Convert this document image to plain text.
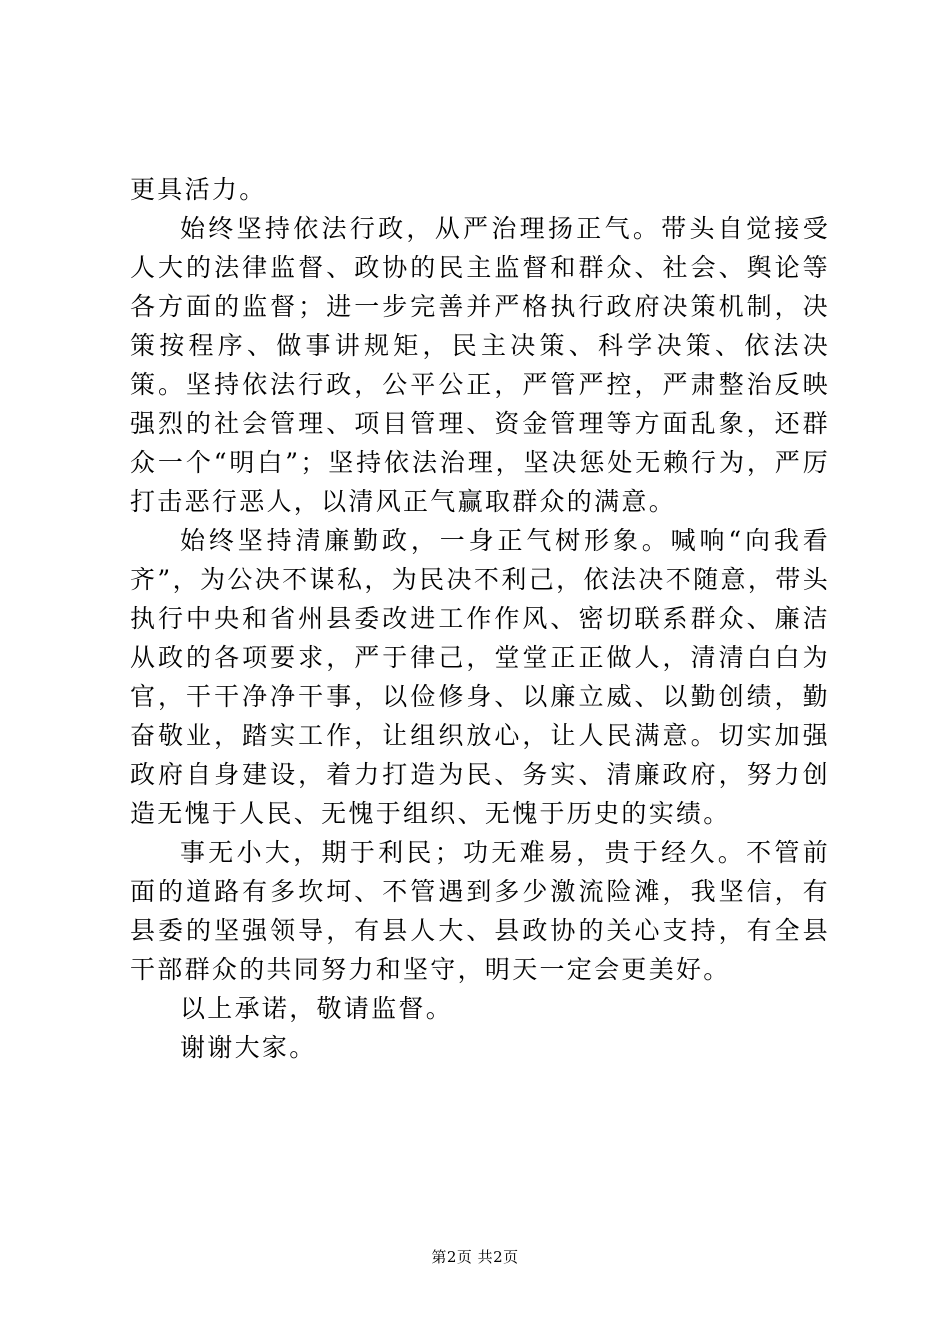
更具活力。

始终坚持依法行政，从严治理扬正气。带头自觉接受人大的法律监督、政协的民主监督和群众、社会、舆论等各方面的监督；进一步完善并严格执行政府决策机制，决策按程序、做事讲规矩，民主决策、科学决策、依法决策。坚持依法行政，公平公正，严管严控，严肃整治反映强烈的社会管理、项目管理、资金管理等方面乱象，还群众一个“明白”；坚持依法治理，坚决惩处无赖行为，严厉打击恶行恶人，以清风正气赢取群众的满意。

始终坚持清廉勤政，一身正气树形象。喊响“向我看齐”，为公决不谋私，为民决不利己，依法决不随意，带头执行中央和省州县委改进工作作风、密切联系群众、廉洁从政的各项要求，严于律己，堂堂正正做人，清清白白为官，干干净净干事，以俭修身、以廉立威、以勤创绩，勤奋敬业，踏实工作，让组织放心，让人民满意。切实加强政府自身建设，着力打造为民、务实、清廉政府，努力创造无愧于人民、无愧于组织、无愧于历史的实绩。

事无小大，期于利民；功无难易，贵于经久。不管前面的道路有多坎坷、不管遇到多少激流险滩，我坚信，有县委的坚强领导，有县人大、县政协的关心支持，有全县干部群众的共同努力和坚守，明天一定会更美好。

以上承诺，敬请监督。

谢谢大家。

第2页 共2页
